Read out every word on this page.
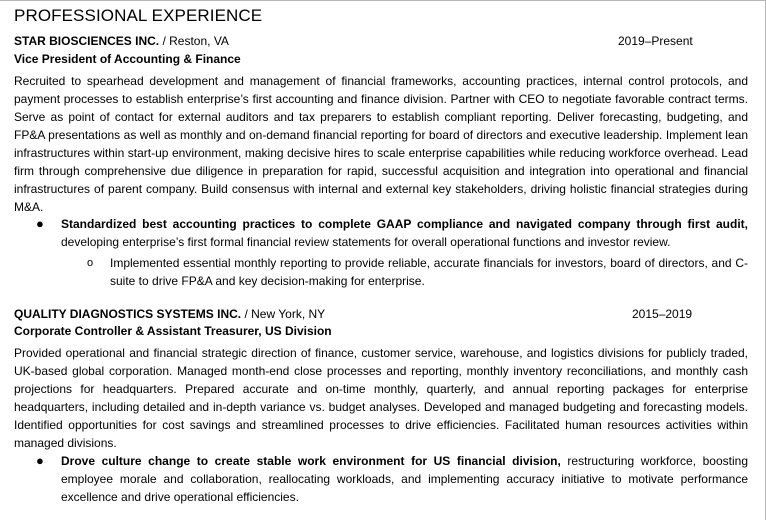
PROFESSIONAL EXPERIENCE
STAR BIOSCIENCES INC. / Reston, VA	2019–Present
Vice President of Accounting & Finance

Recruited to spearhead development and management of financial frameworks, accounting practices, internal control protocols, and payment processes to establish enterprise’s first accounting and finance division. Partner with CEO to negotiate favorable contract terms. Serve as point of contact for external auditors and tax preparers to establish compliant reporting. Deliver forecasting, budgeting, and FP&A presentations as well as monthly and on-demand financial reporting for board of directors and executive leadership. Implement lean infrastructures within start-up environment, making decisive hires to scale enterprise capabilities while reducing workforce overhead. Lead firm through comprehensive due diligence in preparation for rapid, successful acquisition and integration into operational and financial infrastructures of parent company. Build consensus with internal and external key stakeholders, driving holistic financial strategies during M&A.

● Standardized best accounting practices to complete GAAP compliance and navigated company through first audit, developing enterprise’s first formal financial review statements for overall operational functions and investor review.

o Implemented essential monthly reporting to provide reliable, accurate financials for investors, board of directors, and C-suite to drive FP&A and key decision-making for enterprise.

QUALITY DIAGNOSTICS SYSTEMS INC. / New York, NY	2015–2019
Corporate Controller & Assistant Treasurer, US Division

Provided operational and financial strategic direction of finance, customer service, warehouse, and logistics divisions for publicly traded, UK-based global corporation. Managed month-end close processes and reporting, monthly inventory reconciliations, and monthly cash projections for headquarters. Prepared accurate and on-time monthly, quarterly, and annual reporting packages for enterprise headquarters, including detailed and in-depth variance vs. budget analyses. Developed and managed budgeting and forecasting models. Identified opportunities for cost savings and streamlined processes to drive efficiencies. Facilitated human resources activities within managed divisions.

● Drove culture change to create stable work environment for US financial division, restructuring workforce, boosting employee morale and collaboration, reallocating workloads, and implementing accuracy initiative to motivate performance excellence and drive operational efficiencies.
